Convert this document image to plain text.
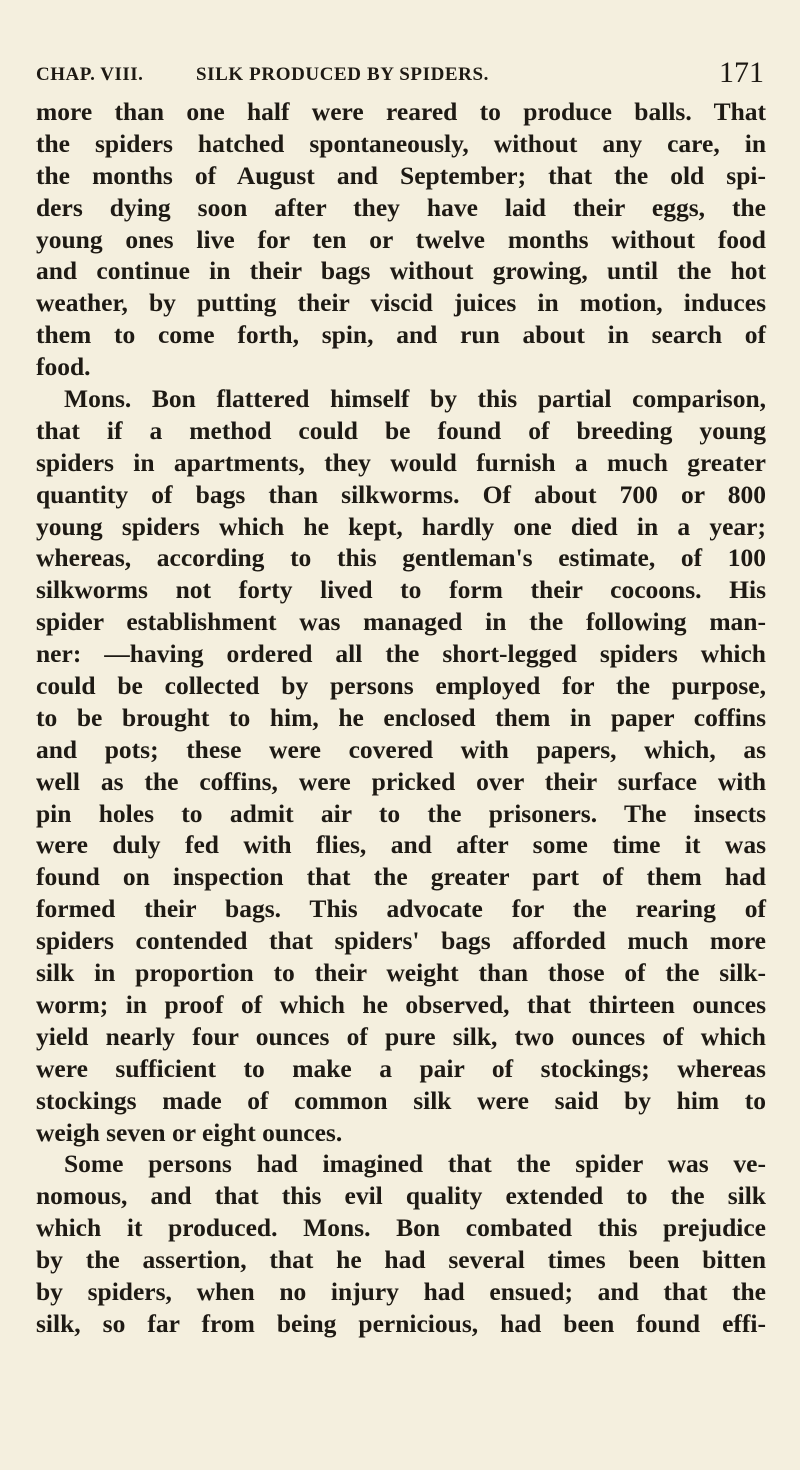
CHAP. VIII.	SILK PRODUCED BY SPIDERS.	171
more than one half were reared to produce balls. That
the spiders hatched spontaneously, without any care, in
the months of August and September; that the old spi-
ders dying soon after they have laid their eggs, the
young ones live for ten or twelve months without food
and continue in their bags without growing, until the hot
weather, by putting their viscid juices in motion, induces
them to come forth, spin, and run about in search of
food.
Mons. Bon flattered himself by this partial comparison,
that if a method could be found of breeding young
spiders in apartments, they would furnish a much greater
quantity of bags than silkworms. Of about 700 or 800
young spiders which he kept, hardly one died in a year;
whereas, according to this gentleman's estimate, of 100
silkworms not forty lived to form their cocoons. His
spider establishment was managed in the following man-
ner: —having ordered all the short-legged spiders which
could be collected by persons employed for the purpose,
to be brought to him, he enclosed them in paper coffins
and pots; these were covered with papers, which, as
well as the coffins, were pricked over their surface with
pin holes to admit air to the prisoners. The insects
were duly fed with flies, and after some time it was
found on inspection that the greater part of them had
formed their bags. This advocate for the rearing of
spiders contended that spiders' bags afforded much more
silk in proportion to their weight than those of the silk-
worm; in proof of which he observed, that thirteen ounces
yield nearly four ounces of pure silk, two ounces of which
were sufficient to make a pair of stockings; whereas
stockings made of common silk were said by him to
weigh seven or eight ounces.
Some persons had imagined that the spider was ve-
nomous, and that this evil quality extended to the silk
which it produced. Mons. Bon combated this prejudice
by the assertion, that he had several times been bitten
by spiders, when no injury had ensued; and that the
silk, so far from being pernicious, had been found effi-
